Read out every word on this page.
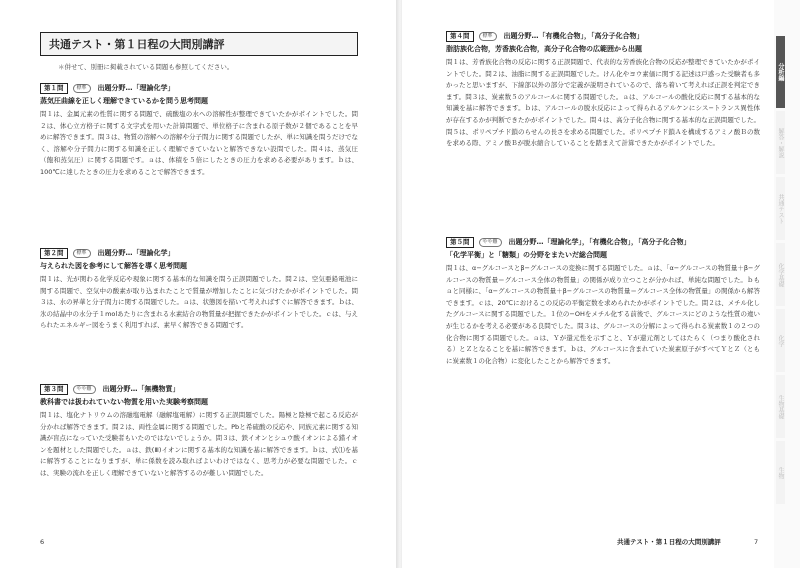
共通テスト・第１日程の大問別講評
＊併せて、別冊に掲載されている問題も参照してください。
第１問	標準	出題分野…「理論化学」
蒸気圧曲線を正しく理解できているかを問う思考問題
問１は、金属元素の性質に関する問題で、硫酸塩の水への溶解性が整理できていたかがポイントでした。問２は、体心立方格子に関する文字式を用いた計算問題で、単位格子に含まれる原子数が２個であることを早めに解答できます。問３は、物質の溶解への溶解や分子間力に関する問題でしたが、単に知識を問うだけでなく、溶解や分子間力に関する知識を正しく理解できていないと解答できない設問でした。問４は、蒸気圧（飽和蒸気圧）に関する問題です。ａは、体積を５倍にしたときの圧力を求める必要があります。ｂは、100℃に達したときの圧力を求めることで解答できます。
第２問	標準	出題分野…「理論化学」
与えられた図を参考にして解答を導く思考問題
問１は、光が関わる化学反応や現象に関する基本的な知識を問う正誤問題でした。問２は、空気亜鉛電池に関する問題で、空気中の酸素が取り込まれたことで質量が増加したことに気づけたかがポイントでした。問３は、水の昇華と分子間力に関する問題でした。ａは、状態図を描いて考えればすぐに解答できます。ｂは、氷の結晶中の水分子１molあたりに含まれる水素結合の物質量が把握できたかがポイントでした。ｃは、与えられたエネルギー図をうまく利用すれば、素早く解答できる問題です。
第３問	やや難	出題分野…「無機物質」
教科書では扱われていない物質を用いた実験考察問題
問１は、塩化ナトリウムの溶融塩電解（融解塩電解）に関する正誤問題でした。陽極と陰極で起こる反応が分かれば解答できます。問２は、両性金属に関する問題でした。Pbと希硫酸の反応や、同族元素に関する知識が盲点になっていた受験者もいたのではないでしょうか。問３は、鉄イオンとシュウ酸イオンによる錯イオンを題材とした問題でした。ａは、鉄(Ⅲ)イオンに関する基本的な知識を基に解答できます。ｂは、式⑴を基に解答することになりますが、単に係数を読み取ればよいわけではなく、思考力が必要な問題でした。ｃは、実験の流れを正しく理解できていないと解答するのが難しい問題でした。
6
第４問	標準	出題分野…「有機化合物」，「高分子化合物」
脂肪族化合物，芳香族化合物，高分子化合物の広範囲から出題
問１は、芳香族化合物の反応に関する正誤問題で、代表的な芳香族化合物の反応が整理できていたかがポイントでした。問２は、油脂に関する正誤問題でした。けん化やヨウ素価に関する記述は戸惑った受験者も多かったと思いますが、下線部以外の部分で定義が説明されているので、落ち着いて考えれば正誤を判定できます。問３は、炭素数５のアルコールに関する問題でした。ａは、アルコールの酸化反応に関する基本的な知識を基に解答できます。ｂは、アルコールの脱水反応によって得られるアルケンにシス−トランス異性体が存在するかが判断できたかがポイントでした。問４は、高分子化合物に関する基本的な正誤問題でした。問５は、ポリペプチド鎖のらせんの長さを求める問題でした。ポリペプチド鎖Ａを構成するアミノ酸Ｂの数を求める際、アミノ酸Ｂが脱水縮合していることを踏まえて計算できたかがポイントでした。
第５問	やや難	出題分野…「理論化学」，「有機化合物」，「高分子化合物」
「化学平衡」と「糖類」の分野をまたいだ総合問題
問１は、α−グルコースとβ−グルコースの変換に関する問題でした。ａは、「α−グルコースの物質量＋β−グルコースの物質量＝グルコース全体の物質量」の関係が成り立つことが分かれば、単純な問題でした。ｂもａと同様に、「α−グルコースの物質量＋β−グルコースの物質量＝グルコース全体の物質量」の関係から解答できます。ｃは、20℃におけるこの反応の平衡定数を求められたかがポイントでした。問２は、メチル化したグルコースに関する問題でした。１位の−OHをメチル化する前後で、グルコースにどのような性質の違いが生じるかを考える必要がある良問でした。問３は、グルコースの分解によって得られる炭素数１の２つの化合物に関する問題でした。ａは、Ｙが還元性を示すこと、Ｙが還元剤としてはたらく（つまり酸化される）とＺとなることを基に解答できます。ｂは、グルコースに含まれていた炭素原子がすべてＹとＺ（ともに炭素数１の化合物）に変化したことから解答できます。
共通テスト・第１日程の大問別講評	7
分析編
解答・解説
共通テスト
化学基礎
化学
生物基礎
生物
